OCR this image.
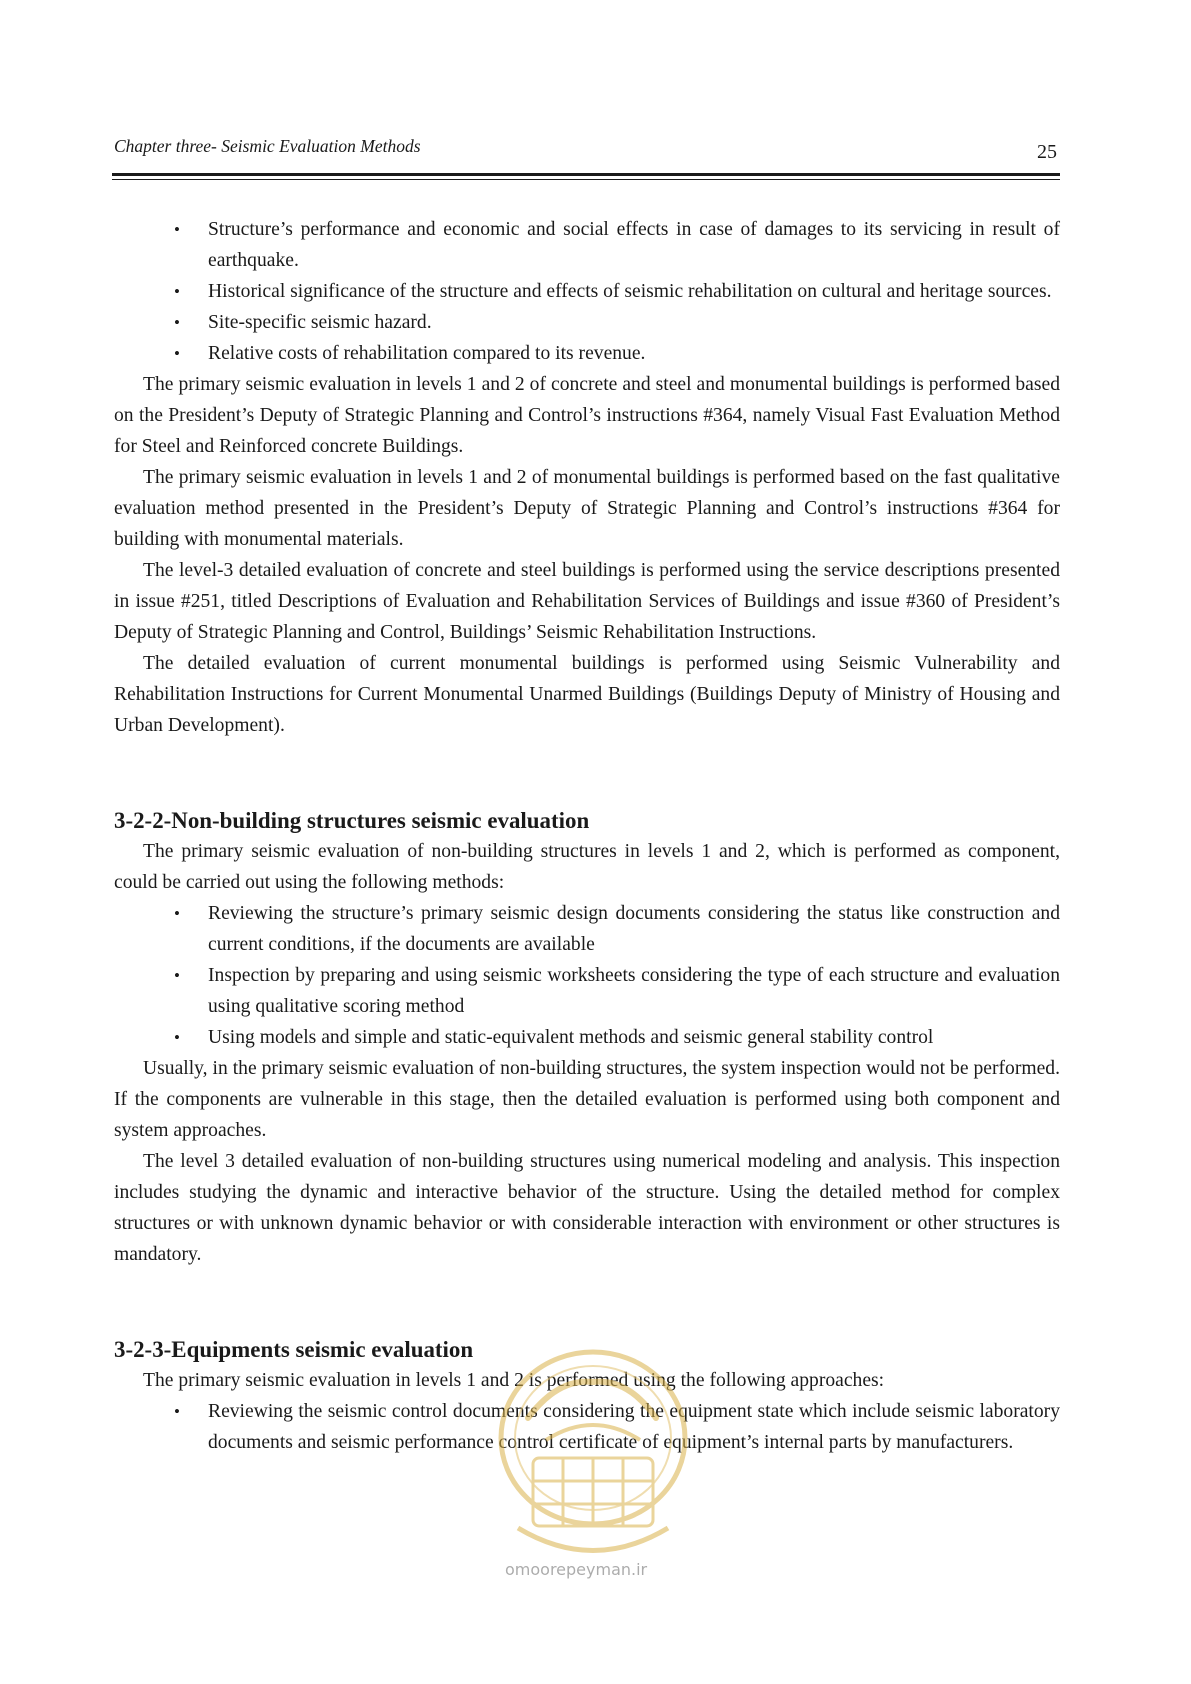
Chapter three- Seismic Evaluation Methods	25
• Structure’s performance and economic and social effects in case of damages to its servicing in result of earthquake.
• Historical significance of the structure and effects of seismic rehabilitation on cultural and heritage sources.
• Site-specific seismic hazard.
• Relative costs of rehabilitation compared to its revenue.

The primary seismic evaluation in levels 1 and 2 of concrete and steel and monumental buildings is performed based on the President’s Deputy of Strategic Planning and Control’s instructions #364, namely Visual Fast Evaluation Method for Steel and Reinforced concrete Buildings.

The primary seismic evaluation in levels 1 and 2 of monumental buildings is performed based on the fast qualitative evaluation method presented in the President’s Deputy of Strategic Planning and Control’s instructions #364 for building with monumental materials.

The level-3 detailed evaluation of concrete and steel buildings is performed using the service descriptions presented in issue #251, titled Descriptions of Evaluation and Rehabilitation Services of Buildings and issue #360 of President’s Deputy of Strategic Planning and Control, Buildings’ Seismic Rehabilitation Instructions.

The detailed evaluation of current monumental buildings is performed using Seismic Vulnerability and Rehabilitation Instructions for Current Monumental Unarmed Buildings (Buildings Deputy of Ministry of Housing and Urban Development).

3-2-2-Non-building structures seismic evaluation

The primary seismic evaluation of non-building structures in levels 1 and 2, which is performed as component, could be carried out using the following methods:

• Reviewing the structure’s primary seismic design documents considering the status like construction and current conditions, if the documents are available
• Inspection by preparing and using seismic worksheets considering the type of each structure and evaluation using qualitative scoring method
• Using models and simple and static-equivalent methods and seismic general stability control

Usually, in the primary seismic evaluation of non-building structures, the system inspection would not be performed. If the components are vulnerable in this stage, then the detailed evaluation is performed using both component and system approaches.

The level 3 detailed evaluation of non-building structures using numerical modeling and analysis. This inspection includes studying the dynamic and interactive behavior of the structure. Using the detailed method for complex structures or with unknown dynamic behavior or with considerable interaction with environment or other structures is mandatory.

3-2-3-Equipments seismic evaluation

The primary seismic evaluation in levels 1 and 2 is performed using the following approaches:

• Reviewing the seismic control documents considering the equipment state which include seismic laboratory documents and seismic performance control certificate of equipment’s internal parts by manufacturers.
omoorepeyman.ir
